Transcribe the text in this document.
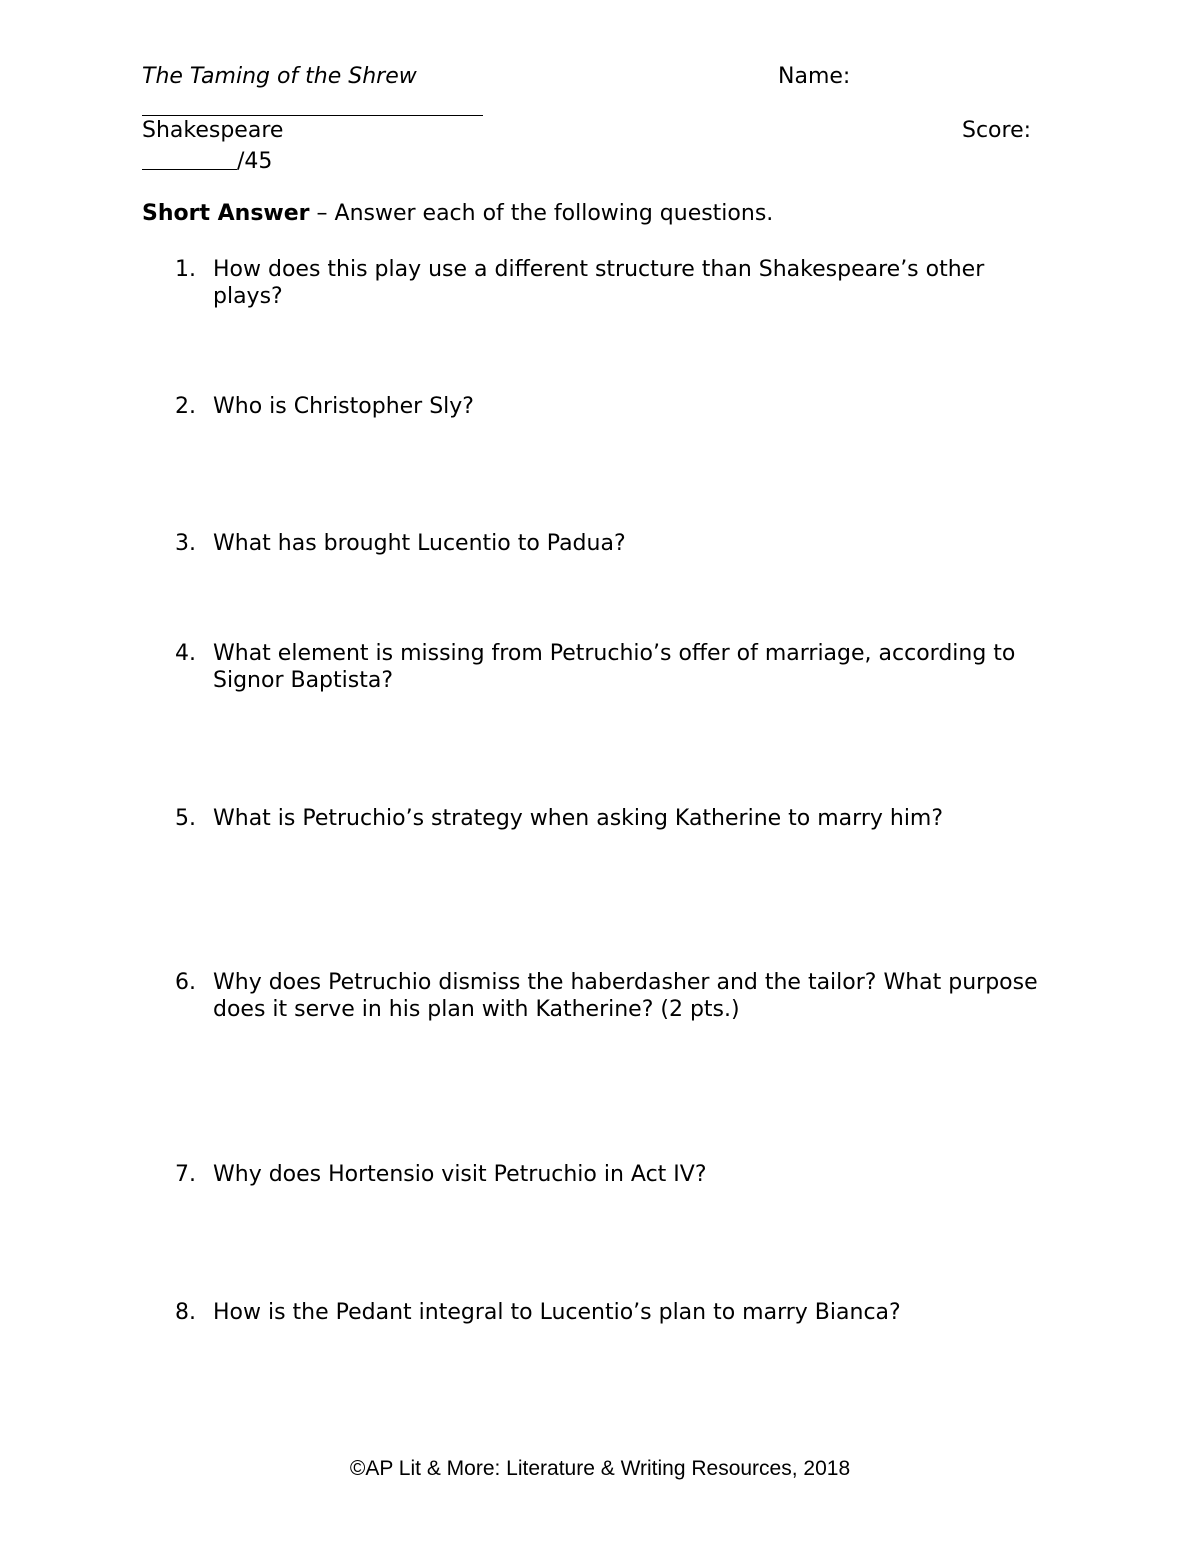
The Taming of the Shrew	Name:
Shakespeare	Score:
/45
Short Answer – Answer each of the following questions.
1. How does this play use a different structure than Shakespeare’s other plays?
2. Who is Christopher Sly?
3. What has brought Lucentio to Padua?
4. What element is missing from Petruchio’s offer of marriage, according to Signor Baptista?
5. What is Petruchio’s strategy when asking Katherine to marry him?
6. Why does Petruchio dismiss the haberdasher and the tailor? What purpose does it serve in his plan with Katherine? (2 pts.)
7. Why does Hortensio visit Petruchio in Act IV?
8. How is the Pedant integral to Lucentio’s plan to marry Bianca?
©AP Lit & More: Literature & Writing Resources, 2018
